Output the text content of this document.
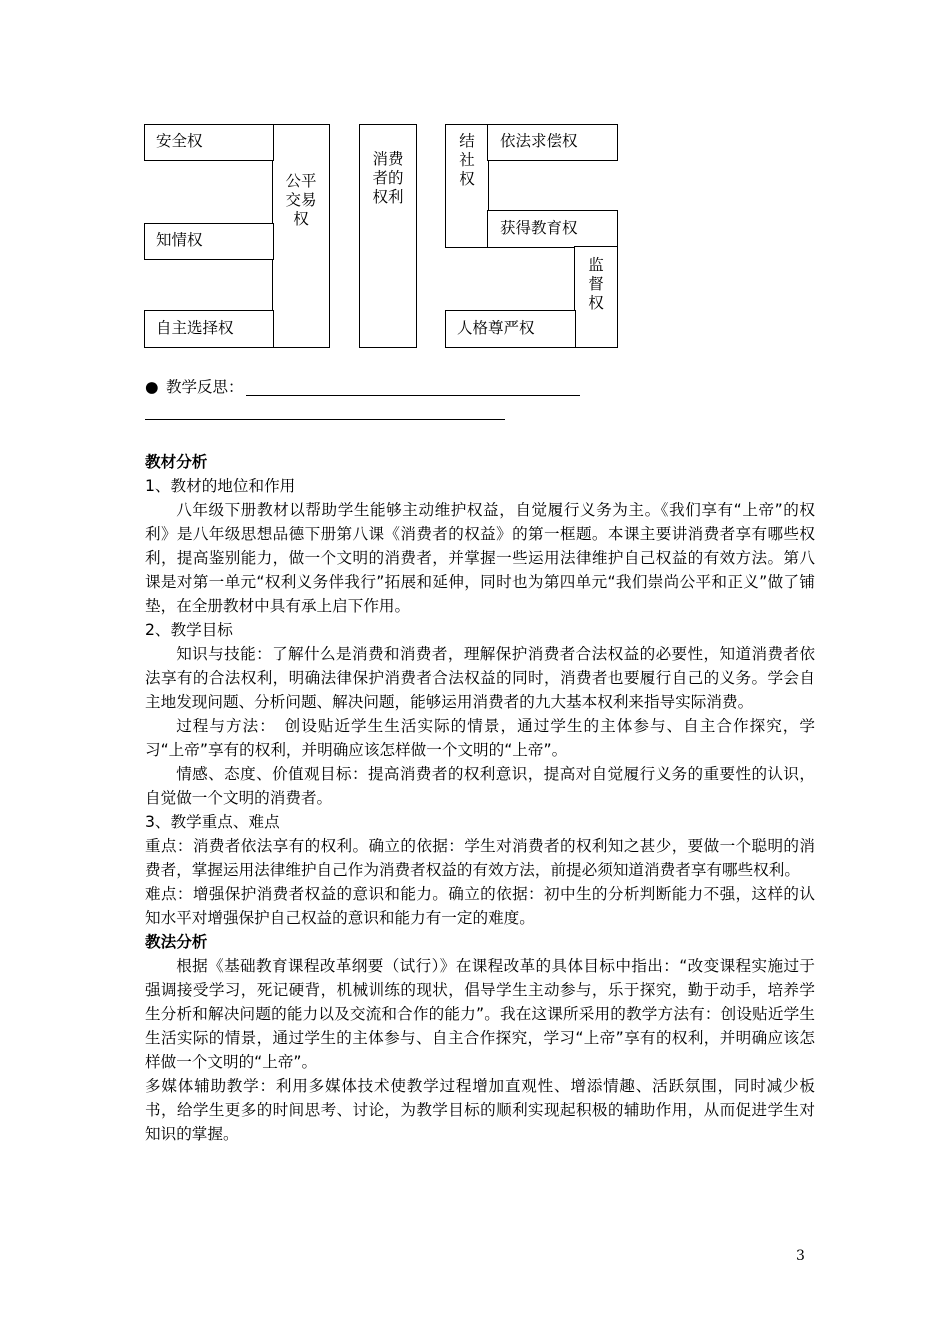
公平
交易
权
安全权
知情权
自主选择权
消费
者的
权利
结
社
权
依法求偿权
获得教育权
监
督
权
人格尊严权
● 教学反思：

教材分析

1、教材的地位和作用

八年级下册教材以帮助学生能够主动维护权益，自觉履行义务为主。《我们享有“上帝”的权利》是八年级思想品德下册第八课《消费者的权益》的第一框题。本课主要讲消费者享有哪些权利，提高鉴别能力，做一个文明的消费者，并掌握一些运用法律维护自己权益的有效方法。第八课是对第一单元“权利义务伴我行”拓展和延伸，同时也为第四单元“我们崇尚公平和正义”做了铺垫，在全册教材中具有承上启下作用。

2、教学目标

知识与技能：了解什么是消费和消费者，理解保护消费者合法权益的必要性，知道消费者依法享有的合法权利，明确法律保护消费者合法权益的同时，消费者也要履行自己的义务。学会自主地发现问题、分析问题、解决问题，能够运用消费者的九大基本权利来指导实际消费。

过程与方法：　创设贴近学生生活实际的情景，通过学生的主体参与、自主合作探究，学习“上帝”享有的权利，并明确应该怎样做一个文明的“上帝”。

情感、态度、价值观目标：提高消费者的权利意识，提高对自觉履行义务的重要性的认识，自觉做一个文明的消费者。

3、教学重点、难点

重点：消费者依法享有的权利。确立的依据：学生对消费者的权利知之甚少，要做一个聪明的消费者，掌握运用法律维护自己作为消费者权益的有效方法，前提必须知道消费者享有哪些权利。

难点：增强保护消费者权益的意识和能力。确立的依据：初中生的分析判断能力不强，这样的认知水平对增强保护自己权益的意识和能力有一定的难度。

教法分析

根据《基础教育课程改革纲要（试行）》在课程改革的具体目标中指出：“改变课程实施过于强调接受学习，死记硬背，机械训练的现状，倡导学生主动参与，乐于探究，勤于动手，培养学生分析和解决问题的能力以及交流和合作的能力”。我在这课所采用的教学方法有：创设贴近学生生活实际的情景，通过学生的主体参与、自主合作探究，学习“上帝”享有的权利，并明确应该怎样做一个文明的“上帝”。

多媒体辅助教学：利用多媒体技术使教学过程增加直观性、增添情趣、活跃氛围，同时减少板书，给学生更多的时间思考、讨论，为教学目标的顺利实现起积极的辅助作用，从而促进学生对知识的掌握。

3
